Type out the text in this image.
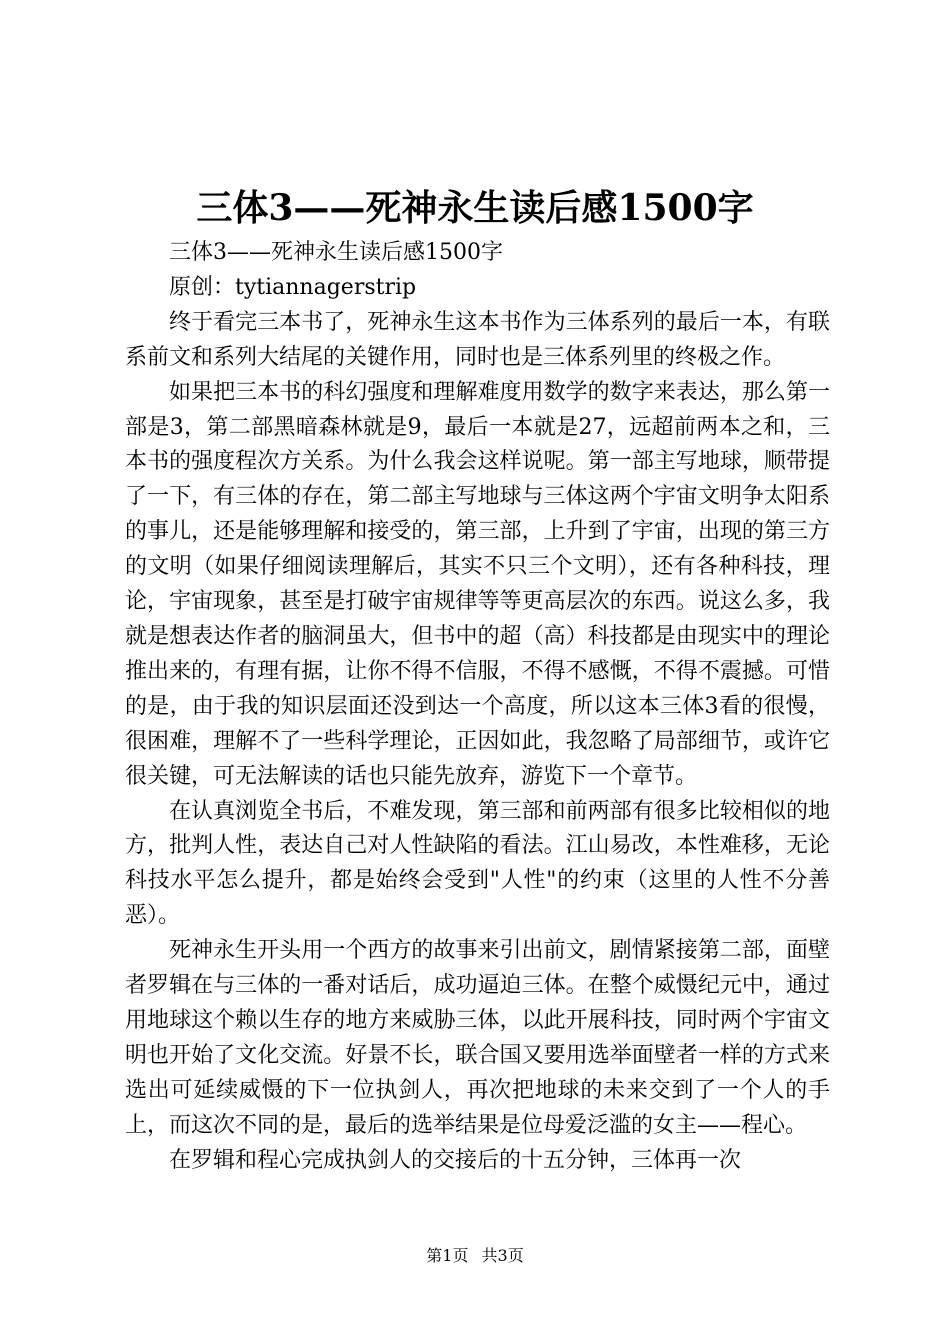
三体3——死神永生读后感1500字

三体3——死神永生读后感1500字

原创：tytiannagerstrip

终于看完三本书了，死神永生这本书作为三体系列的最后一本，有联系前文和系列大结尾的关键作用，同时也是三体系列里的终极之作。

如果把三本书的科幻强度和理解难度用数学的数字来表达，那么第一部是3，第二部黑暗森林就是9，最后一本就是27，远超前两本之和，三本书的强度程次方关系。为什么我会这样说呢。第一部主写地球，顺带提了一下，有三体的存在，第二部主写地球与三体这两个宇宙文明争太阳系的事儿，还是能够理解和接受的，第三部，上升到了宇宙，出现的第三方的文明（如果仔细阅读理解后，其实不只三个文明），还有各种科技，理论，宇宙现象，甚至是打破宇宙规律等等更高层次的东西。说这么多，我就是想表达作者的脑洞虽大，但书中的超（高）科技都是由现实中的理论推出来的，有理有据，让你不得不信服，不得不感慨，不得不震撼。可惜的是，由于我的知识层面还没到达一个高度，所以这本三体3看的很慢，很困难，理解不了一些科学理论，正因如此，我忽略了局部细节，或许它很关键，可无法解读的话也只能先放弃，游览下一个章节。

在认真浏览全书后，不难发现，第三部和前两部有很多比较相似的地方，批判人性，表达自己对人性缺陷的看法。江山易改，本性难移，无论科技水平怎么提升，都是始终会受到"人性"的约束（这里的人性不分善恶）。

死神永生开头用一个西方的故事来引出前文，剧情紧接第二部，面壁者罗辑在与三体的一番对话后，成功逼迫三体。在整个威慑纪元中，通过用地球这个赖以生存的地方来威胁三体，以此开展科技，同时两个宇宙文明也开始了文化交流。好景不长，联合国又要用选举面壁者一样的方式来选出可延续威慑的下一位执剑人，再次把地球的未来交到了一个人的手上，而这次不同的是，最后的选举结果是位母爱泛滥的女主——程心。

在罗辑和程心完成执剑人的交接后的十五分钟，三体再一次

第1页 共3页
